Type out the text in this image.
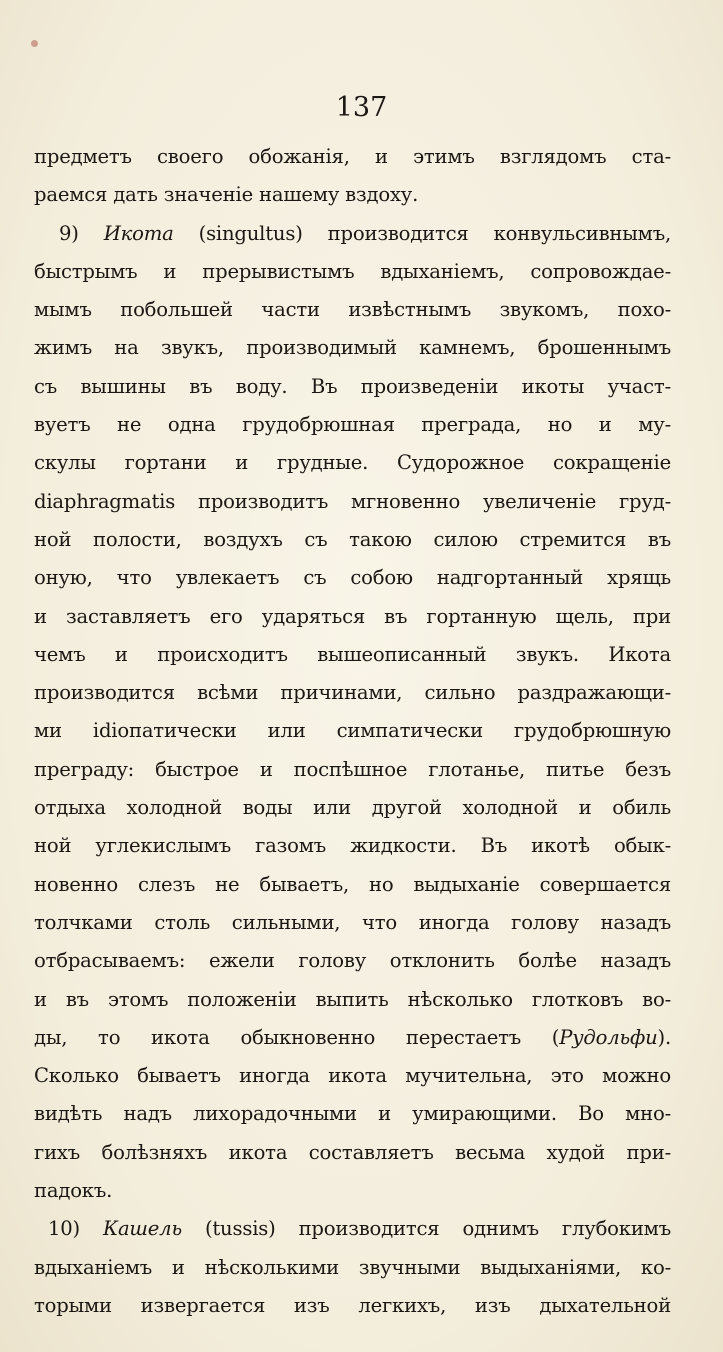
137
предметъ своего обожанія, и этимъ взглядомъ ста-
раемся дать значеніе нашему вздоху.
9) Икота (singultus) производится конвульсивнымъ,
быстрымъ и прерывистымъ вдыханіемъ, сопровождае-
мымъ побольшей части извѣстнымъ звукомъ, похо-
жимъ на звукъ, производимый камнемъ, брошеннымъ
съ вышины въ воду. Въ произведеніи икоты участ-
вуетъ не одна грудобрюшная преграда, но и му-
скулы гортани и грудные. Судорожное сокращеніе
diaphragmatis производитъ мгновенно увеличеніе груд-
ной полости, воздухъ съ такою силою стремится въ
оную, что увлекаетъ съ собою надгортанный хрящь
и заставляетъ его ударяться въ гортанную щель, при
чемъ и происходитъ вышеописанный звукъ. Икота
производится всѣми причинами, сильно раздражающи-
ми idiопатически или симпатически грудобрюшную
преграду: быстрое и поспѣшное глотанье, питье безъ
отдыха холодной воды или другой холодной и обиль
ной углекислымъ газомъ жидкости. Въ икотѣ обык-
новенно слезъ не бываетъ, но выдыханіе совершается
толчками столь сильными, что иногда голову назадъ
отбрасываемъ: ежели голову отклонить болѣе назадъ
и въ этомъ положеніи выпить нѣсколько глотковъ во-
ды, то икота обыкновенно перестаетъ (Рудольфи).
Сколько бываетъ иногда икота мучительна, это можно
видѣть надъ лихорадочными и умирающими. Во мно-
гихъ болѣзняхъ икота составляетъ весьма худой при-
падокъ.
10) Кашель (tussis) производится однимъ глубокимъ
вдыханіемъ и нѣсколькими звучными выдыханіями, ко-
торыми извергается изъ легкихъ, изъ дыхательной
